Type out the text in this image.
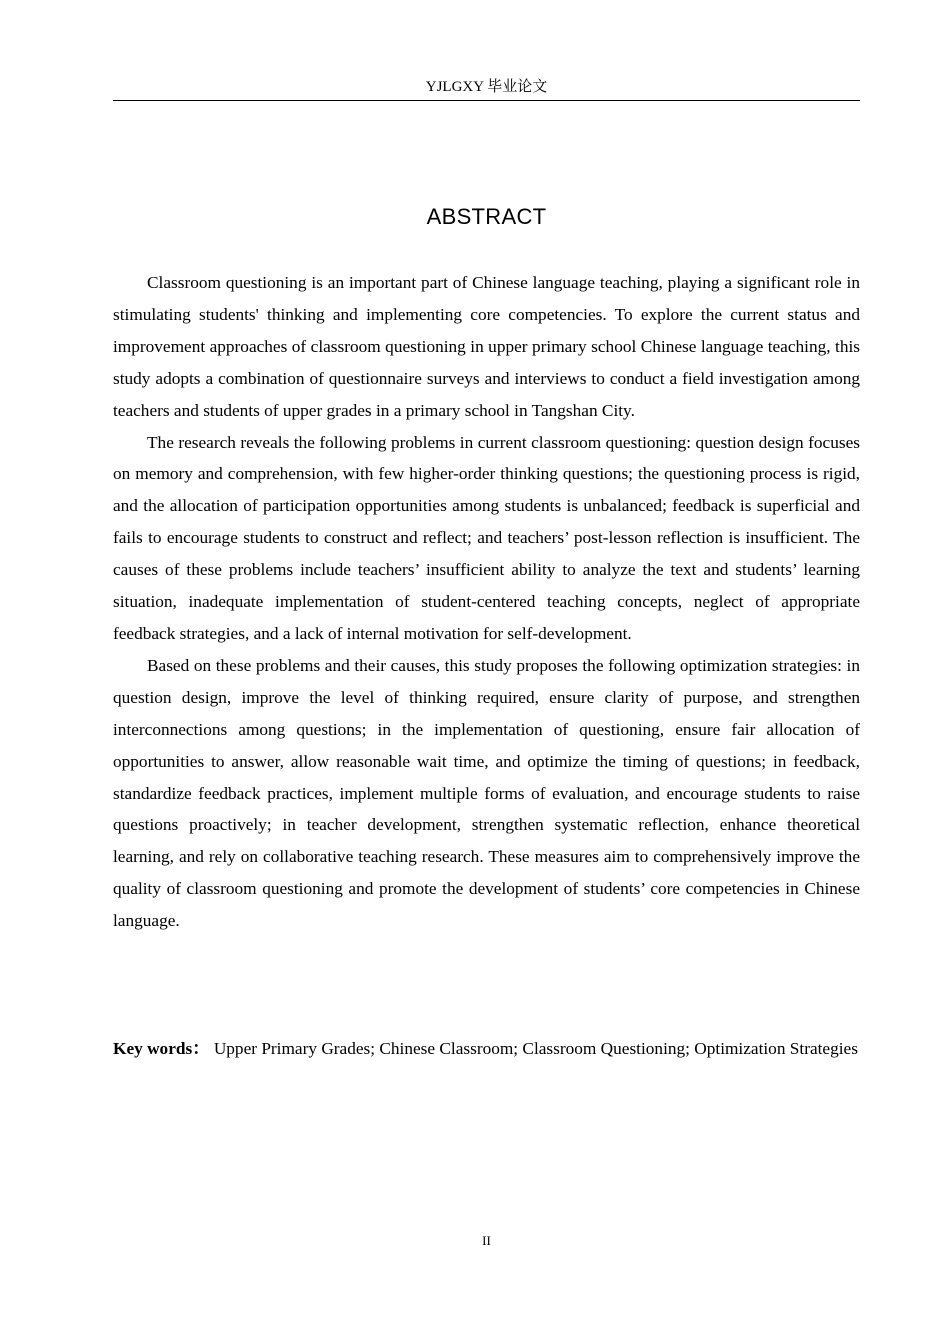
YJLGXY 毕业论文
ABSTRACT

Classroom questioning is an important part of Chinese language teaching, playing a significant role in stimulating students' thinking and implementing core competencies. To explore the current status and improvement approaches of classroom questioning in upper primary school Chinese language teaching, this study adopts a combination of questionnaire surveys and interviews to conduct a field investigation among teachers and students of upper grades in a primary school in Tangshan City.

The research reveals the following problems in current classroom questioning: question design focuses on memory and comprehension, with few higher-order thinking questions; the questioning process is rigid, and the allocation of participation opportunities among students is unbalanced; feedback is superficial and fails to encourage students to construct and reflect; and teachers’ post-lesson reflection is insufficient. The causes of these problems include teachers’ insufficient ability to analyze the text and students’ learning situation, inadequate implementation of student-centered teaching concepts, neglect of appropriate feedback strategies, and a lack of internal motivation for self-development.

Based on these problems and their causes, this study proposes the following optimization strategies: in question design, improve the level of thinking required, ensure clarity of purpose, and strengthen interconnections among questions; in the implementation of questioning, ensure fair allocation of opportunities to answer, allow reasonable wait time, and optimize the timing of questions; in feedback, standardize feedback practices, implement multiple forms of evaluation, and encourage students to raise questions proactively; in teacher development, strengthen systematic reflection, enhance theoretical learning, and rely on collaborative teaching research. These measures aim to comprehensively improve the quality of classroom questioning and promote the development of students’ core competencies in Chinese language.

Key words： Upper Primary Grades; Chinese Classroom; Classroom Questioning; Optimization Strategies

II
